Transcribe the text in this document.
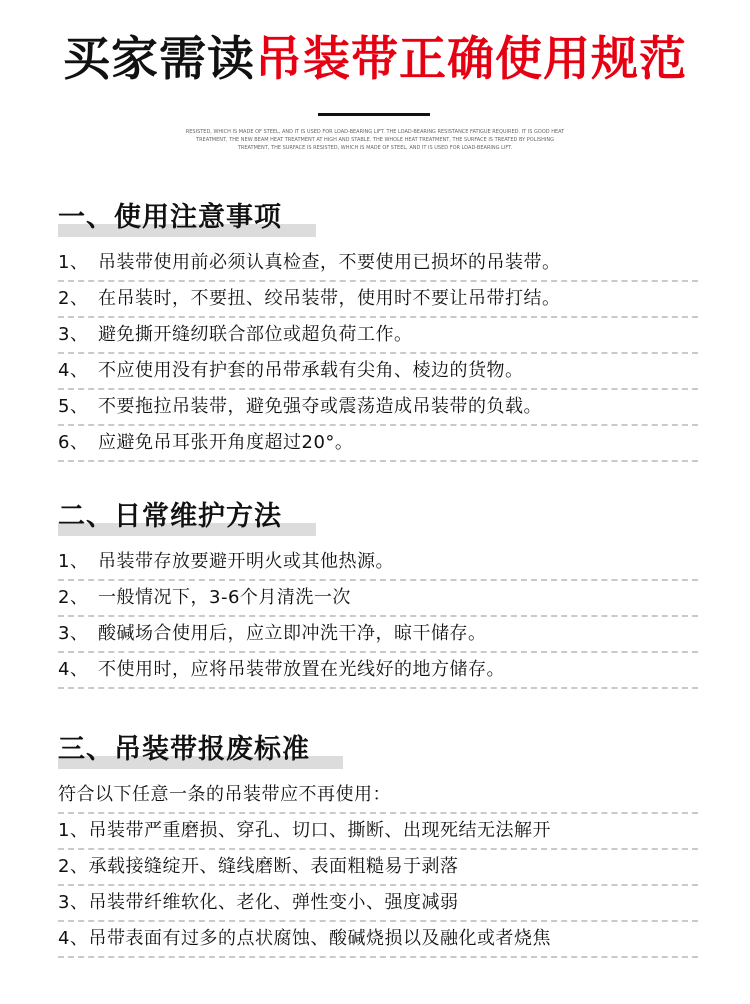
买家需读吊装带正确使用规范
RESISTED, WHICH IS MADE OF STEEL, AND IT IS USED FOR LOAD-BEARING LIFT. THE LOAD-BEARING RESISTANCE FATIGUE REQUIRED. IT IS GOOD HEAT TREATMENT, THE NEW BEAM HEAT TREATMENT AT HIGH AND STABLE. THE WHOLE HEAT TREATMENT, THE SURFACE IS TREATED BY POLISHING TREATMENT, THE SURFACE IS RESISTED, WHICH IS MADE OF STEEL, AND IT IS USED FOR LOAD-BEARING LIFT.
一、使用注意事项
1、 吊装带使用前必须认真检查，不要使用已损坏的吊装带。
2、 在吊装时，不要扭、绞吊装带，使用时不要让吊带打结。
3、 避免撕开缝纫联合部位或超负荷工作。
4、 不应使用没有护套的吊带承载有尖角、棱边的货物。
5、 不要拖拉吊装带，避免强夺或震荡造成吊装带的负载。
6、 应避免吊耳张开角度超过20°。
二、日常维护方法
1、 吊装带存放要避开明火或其他热源。
2、 一般情况下，3-6个月清洗一次
3、 酸碱场合使用后，应立即冲洗干净，晾干储存。
4、 不使用时，应将吊装带放置在光线好的地方储存。
三、吊装带报废标准
符合以下任意一条的吊装带应不再使用：
1、吊装带严重磨损、穿孔、切口、撕断、出现死结无法解开
2、承载接缝绽开、缝线磨断、表面粗糙易于剥落
3、吊装带纤维软化、老化、弹性变小、强度减弱
4、吊带表面有过多的点状腐蚀、酸碱烧损以及融化或者烧焦
